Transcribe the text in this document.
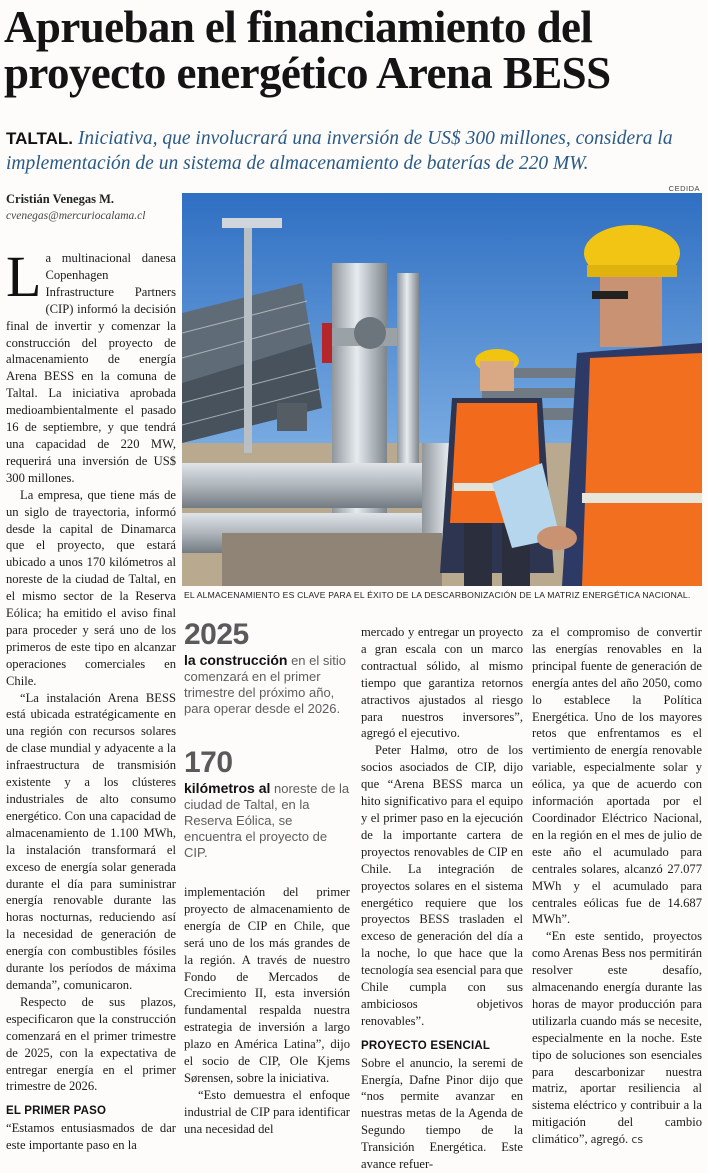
Aprueban el financiamiento del proyecto energético Arena BESS
TALTAL. Iniciativa, que involucrará una inversión de US$ 300 millones, considera la implementación de un sistema de almacenamiento de baterías de 220 MW.
Cristián Venegas M.
cvenegas@mercuriocalama.cl
CEDIDA
EL ALMACENAMIENTO ES CLAVE PARA EL ÉXITO DE LA DESCARBONIZACIÓN DE LA MATRIZ ENERGÉTICA NACIONAL.

La multinacional danesa Copenhagen Infrastructure Partners (CIP) informó la decisión final de invertir y comenzar la construcción del proyecto de almacenamiento de energía Arena BESS en la comuna de Taltal. La iniciativa aprobada medioambientalmente el pasado 16 de septiembre, y que tendrá una capacidad de 220 MW, requerirá una inversión de US$ 300 millones.

La empresa, que tiene más de un siglo de trayectoria, informó desde la capital de Dinamarca que el proyecto, que estará ubicado a unos 170 kilómetros al noreste de la ciudad de Taltal, en el mismo sector de la Reserva Eólica; ha emitido el aviso final para proceder y será uno de los primeros de este tipo en alcanzar operaciones comerciales en Chile.

“La instalación Arena BESS está ubicada estratégicamente en una región con recursos solares de clase mundial y adyacente a la infraestructura de transmisión existente y a los clústeres industriales de alto consumo energético. Con una capacidad de almacenamiento de 1.100 MWh, la instalación transformará el exceso de energía solar generada durante el día para suministrar energía renovable durante las horas nocturnas, reduciendo así la necesidad de generación de energía con combustibles fósiles durante los períodos de máxima demanda”, comunicaron.

Respecto de sus plazos, especificaron que la construcción comenzará en el primer trimestre de 2025, con la expectativa de entregar energía en el primer trimestre de 2026.

EL PRIMER PASO

“Estamos entusiasmados de dar este importante paso en la

2025
la construcción en el sitio comenzará en el primer trimestre del próximo año, para operar desde el 2026.
170
kilómetros al noreste de la ciudad de Taltal, en la Reserva Eólica, se encuentra el proyecto de CIP.

implementación del primer proyecto de almacenamiento de energía de CIP en Chile, que será uno de los más grandes de la región. A través de nuestro Fondo de Mercados de Crecimiento II, esta inversión fundamental respalda nuestra estrategia de inversión a largo plazo en América Latina”, dijo el socio de CIP, Ole Kjems Sørensen, sobre la iniciativa.

“Esto demuestra el enfoque industrial de CIP para identificar una necesidad del

mercado y entregar un proyecto a gran escala con un marco contractual sólido, al mismo tiempo que garantiza retornos atractivos ajustados al riesgo para nuestros inversores”, agregó el ejecutivo.

Peter Halmø, otro de los socios asociados de CIP, dijo que “Arena BESS marca un hito significativo para el equipo y el primer paso en la ejecución de la importante cartera de proyectos renovables de CIP en Chile. La integración de proyectos solares en el sistema energético requiere que los proyectos BESS trasladen el exceso de generación del día a la noche, lo que hace que la tecnología sea esencial para que Chile cumpla con sus ambiciosos objetivos renovables”.

PROYECTO ESENCIAL

Sobre el anuncio, la seremi de Energía, Dafne Pinor dijo que “nos permite avanzar en nuestras metas de la Agenda de Segundo tiempo de la Transición Energética. Este avance refuer-

za el compromiso de convertir las energías renovables en la principal fuente de generación de energía antes del año 2050, como lo establece la Política Energética. Uno de los mayores retos que enfrentamos es el vertimiento de energía renovable variable, especialmente solar y eólica, ya que de acuerdo con información aportada por el Coordinador Eléctrico Nacional, en la región en el mes de julio de este año el acumulado para centrales solares, alcanzó 27.077 MWh y el acumulado para centrales eólicas fue de 14.687 MWh”.

“En este sentido, proyectos como Arenas Bess nos permitirán resolver este desafío, almacenando energía durante las horas de mayor producción para utilizarla cuando más se necesite, especialmente en la noche. Este tipo de soluciones son esenciales para descarbonizar nuestra matriz, aportar resiliencia al sistema eléctrico y contribuir a la mitigación del cambio climático”, agregó. cs
